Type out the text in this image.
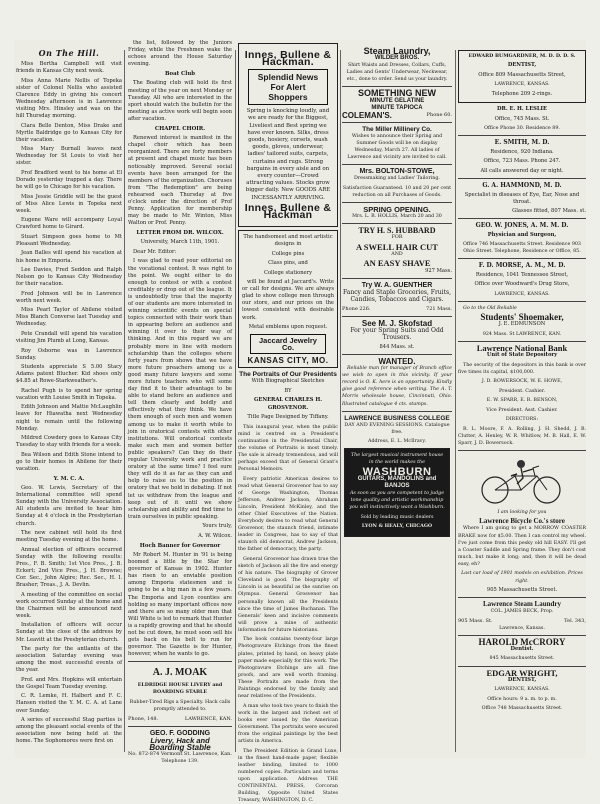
On The Hill.

Miss Bertha Campbell will visit friends in Kansas City next week.

Miss Anna Marie Nellis of Topeka sister of Colonel Nellis who assisted Clarence Eddy in giving his concert Wednesday afternoon is in Lawrence visiting Mrs. Hinsley and was on the hill Thursday morning.

Clara Belle Denton, Miss Drake and Myrtle Baldridge go to Kansas City for their vacation.

Miss Mary Burnall leaves next Wednesday for St Louis to visit her sister.

Prof Bradford went to his home at El Dorado yesterday trapped a day. There he will go to Chicago for his vacation.

Miss Jessie Griddle will be the guest of Miss Alice Lewis in Topeka next week.

Eugene Ware will accompany Loyal Crawford home to Girard.

Stuart Simpson goes home to Mt Pleasant Wednesday.

Jean Balles will spend his vacation at his home in Emporia.

Lee Davies, Fred Seddon and Ralph Nelson go to Kansas City Wednesday for their vacation.

Fred Johnson will be in Lawrence worth next week.

Miss Pearl Taylor of Abilene visited Miss Blanch Converse last Tuesday and Wednesday.

Pete Crandall will spend his vacation visiting Jim Plumb at Long, Kansas.

Roy Osborne was in Lawrence Sunday.

Students appreciate S 5.00 Stacy Adams patent Blucher. Kid shoes only $4.85 at Rowe-Starkweather's.

Rachel Pugh is to spend her spring vacation with Louise Smith in Topeka.

Edith Johnson and Mattie McLaughlin leave for Hiawatha next Wednesday night to remain until the following Monday.

Mildred Cowdery goes to Kansas City Tuesday to stay with friends for a week.

Bea Wilson and Edith Stone intend to go to their homes in Abilene for their vacation.

Y. M. C. A.

Geo. W. Lewis, Secretary of the International committee will spend Sunday with the University Association. All students are invited to hear him Sunday at 4 o'clock in the Presbyterian church.

The new cabinet will hold its first meeting Tuesday evening at the home.

Annual election of officers occurred Sunday with the following results: Pres., F. B. Smith; 1st Vice Pres., J. B. Eckert; 2nd Vice Pres., J. H. Browne; Cor. Sec., John Algire; Rec. Sec., H. I. Brasher; Treas., J. A. Devlin.

A meeting of the committee on social work occurred Sunday at the home and the Chairmen will be announced next week.

Installation of officers will occur Sunday at the close of the address by Mr. Leavitt at the Presbyterian church.

The party for the antlantis of the association Saturday evening was among the most successful events of the year.

Prof. and Mrs. Hopkins will entertain the Gospel Team Tuesday evening.

C. R. Lemke, H. Halbert and F. C. Hansen visited the Y. M. C. A. at Lane over Sunday.

A series of successful Stag parties is among the pleasant social events of the association now being held at the home. The Sophomores were first on

the list, followed by the Juniors Friday, while the Freshmen wake the echoes around the House Saturday evening.

Boat Club

The Boating club will hold its first meeting of the year on next Monday or Tuesday. All who are interested in the sport should watch the bulletin for the meeting as active work will begin soon after vacation.

CHAPEL CHOIR.

Renewed interest is manifest in the chapel choir which has been reorganized. There are forty members at present and chapel music has been noticeably improved. Several social events have been arranged for the members of the organization. Choruses from "The Redemption" are being rehearsed each Thursday at five o'clock under the direction of Prof Penny. Application for membership may be made to Mr. Winton, Miss Walton or Prof. Penny.

LETTER FROM DR. WILCOX.

University, March 11th, 1901.

Dear Mr. Editor:

I was glad to read your editorial on the vocational contest. It was right to the point. We ought either to do enough to contest or with a contest creditably or drop out of the league. It is undoubtedly true that the majority of our students are more interested in winning scientific events on special topics connected with their work than in appearing before an audience and winning it over to their way of thinking. And in this regard we are probably more in line with modern scholarship than the colleges where forty years from shows that we have more future preachers among us a good many future lawyers and some more future teachers who will some day find it to their advantage to be able to stand before an audience and tell them clearly and boldly and effectively what they think. We have them enough of such men and women among us to make it worth while to join in oratorical contests with other institutions. Will oratorical contests make such men and women better public speakers? Can they do their regular University work and practice oratory at the same time? I feel sure they will do it as far as they can and help to raise us to the position in oratory that we hold in debating. If not let us withdraw from the league and keep out of it until we show scholarship and ability and find time to train ourselves in public speaking.

Yours truly,

A. W. Wilcox.

Hoch Banner for Governor

Mr Robert M. Hunter in '91 is being boomed a little by the Star for governor of Kansas in 1902. Hunter has risen to an enviable position among Emporia statesmen and is going to be a big man in a few years. The Emporia and Lyon counties are holding so many important offices now and there are so many older men that Will White is led to remark that Hunter is a rapidly growing and that he should not be cut down, he must soon sell his gets back on his belt to run for governor. The Gazette is for Hunter, however, when he wants to go.

A. J. MOAK

ELDRIDGE HOUSE LIVERY and BOARDING STABLE

Rubber-Tired Rigs a Specialty. Hack calls promptly attended to.

Phone, 148.	LAWRENCE, KAN.
GEO. F. GODDING
Livery, Hack and
Boarding Stable
No. 872-874 Vermont St. Lawrence, Kan.

Telephone 139.

Innes, Bullene & Hackman.
Splendid News For Alert Shoppers
Spring is knocking loudly, and we are ready for the Biggest, Liveliest and Best spring we have ever known. Silks, dress goods, hosiery, corsets, wash goods, gloves, underwear, ladies' tailored suits, carpets, curtains and rugs. Strong bargains in every aisle and on every counter—Crowd attracting values. Stocks grow bigger daily. New GOODS ARE INCESSANTLY ARRIVING.
Innes, Bullene & Hackman

The handsomest and most artistic designs in

College pins

Class pins, and

College stationery

will be found at Jaccard's. Write or call for designs. We are always glad to show college men through our store, and our prices on the lowest consistent with desirable work.

Metal emblems upon request.

Jaccard Jewelry Co.
KANSAS CITY, MO.
The Portraits of Our Presidents

With Biographical Sketches

BY

GENERAL CHARLES H. GROSVENOR.

Title Page Designed by Tiffany.

This inaugural year, when the public mind is centred on a President's continuation in the Presidential Chair, the volume of Portraits is most timely. The sale is already tremendous, and will perhaps exceed that of General Grant's Personal Memoirs.

Every patriotic American desires to read what General Grosvenor has to say of George Washington, Thomas Jefferson, Andrew Jackson, Abraham Lincoln, President McKinley, and the other Chief Executives of the Nation. Everybody desires to read what General Grosvenor, the staunch friend, intimate leader in Congress, has to say of that staunch old democrat, Andrew Jackson, the father of democracy, the party.

General Grosvenor has drawn true the sketch of Jackson all the fire and energy of his nature. The biography of Grover Cleveland is good. The biography of Lincoln is as beautiful as the sunrise on Olympus. General Grosvenor has personally known all the Presidents since the time of James Buchanan. The Generals' keen and incisive comments will prove a mine of authentic information for future historians.

The book contains twenty-four large Photogravure Etchings from the finest plates, printed by hand, on heavy plate paper made especially for this work. The Photogravure Etchings are all fine proofs, and are well worth framing. These Portraits are made from the Paintings endorsed by the family and near relatives of the Presidents.

A man who took two years to finish the work in the largest and richest set of books ever issued by the American Government. The portraits were secured from the original paintings by the best artists in America.

The President Edition is Grand Luxe, in the finest hand-made paper, flexible leather binding, limited to 1000 numbered copies. Particulars and terms upon application. Address THE CONTINENTAL PRESS, Corcoran Building, Opposite United States Treasury, WASHINGTON, D. C.

Steam Laundry,
WILDER BROS.

Shirt Waists and Dresses, Collars, Cuffs, Ladies and Gents' Underwear, Neckwear, etc., done to order. Send us your laundry.

SOMETHING NEW
MINUTE GELATINE
MINUTE TAPIOCA
COLEMAN'S.	Phone 60.
The Miller Millinery Co.

Wishes to announce their Spring and Summer Goods will be on display Wednesday, March 27. All ladies of Lawrence and vicinity are invited to call.

Mrs. BOLTON-STOWE,

Dressmaking and Ladies' Tailoring.

Satisfaction Guaranteed. 10 and 20 per cent reduction on all Purchases of Goods.

SPRING OPENING.

Mrs. L. B. HOLLIS, March 20 and 30

TRY H. S. HUBBARD

FOR

A SWELL HAIR CUT

AND

AN EASY SHAVE

927 Mass.

Try W. A. GUENTHER

Fancy and Staple Groceries, Fruits, Candies, Tobaccos and Cigars.

Phone 226.	721 Mass.
See M. J. Skofstad

For your Spring Suits and Odd Trousers.

844 Mass. st.

WANTED.

Reliable man for manager of Branch office we wish to open in this vicinity. If your record is O. K. here is an opportunity. Kindly give good reference when writing. The A. T. Morris wholesale house, Cincinnati, Ohio. Illustrated catalogue 4 cts. stamps.

LAWRENCE BUSINESS COLLEGE

DAY AND EVENING SESSIONS. Catalogue free.

Address, E. L. McIlravy.

The largest musical instrument house in the world makes the

WASHBURN
GUITARS, MANDOLINS and BANJOS

As soon as you are competent to judge tone quality and artistic workmanship you will instinctively want a Washburn.

Sold by leading music dealers

LYON & HEALY, CHICAGO

EDWARD BUMGARDNER, M. D. D. D. S.

DENTIST,

Office 809 Massachusetts Street,

LAWRENCE, KANSAS.

Telephone 209 2-rings.

DR. E. H. LESLIE

Office, 745 Mass. St.

Office Phone 30. Residence 89.

E. SMITH, M. D.

Residence, 920 Indiana.

Office, 723 Mass. Phone 247.

All calls answered day or night.

G. A. HAMMOND, M. D.

Specialist in diseases of Eye, Ear, Nose and throat.

Glasses fitted, 807 Mass. st.

GEO. W. JONES, A. M. M. D.

Physician and Surgeon,

Office 746 Massachusetts Street. Residence 903 Ohio Street. Telephone, Residence or Office, 85.

F. D. MORSE, A. M., M. D.

Residence, 1041 Tennessee Street,

Office over Woodward's Drug Store,

LAWRENCE, KANSAS.

Go to the Old Reliable

Students' Shoemaker,

J. E. EDMUNSON

924 Mass. St LAWRENCE, KAN.

Lawrence National Bank

Unit of State Depository

The security of the depositors in this bank is over five times its capital, $100,000.

J. D. BOWERSOCK, W. E. HOWE,

President. Cashier.

E. W. SPARR, E. R. BENSON,

Vice President. Asst. Cashier.

DIRECTORS:

R. L. Moore, F. A. Rolling, J. H. Shedd, J. B. Clutter, A. Henley, W. R. Whitlow, M. B. Hall, E. W. Sparr, J. D. Bowersock.

I am looking for you

Lawrence Bicycle Co.'s store

Where I am going to get a MORROW COASTER BRAKE now for $5.00. Then I can control my wheel. I've just come from this pesky old hill EASY. I'll get a Coaster Saddle and Spring frame. They don't cost much, but make it long; and, then it will be dead easy, eh?

Last car load of 1901 models on exhibition. Prices right.

905 Massachusetts Street.

Lawrence Steam Laundry

COL. JAMES BECK, Prop.

905 Mass. St.	Tel. 343,

Lawrence, Kansas.

HAROLD McCRORY

Dentist.

845 Massachusetts Street.

EDGAR WRIGHT,

DENTIST,

LAWRENCE, KANSAS.

Office hours: 9 a. m. to p. m.

Office 748 Massachusetts Street.
